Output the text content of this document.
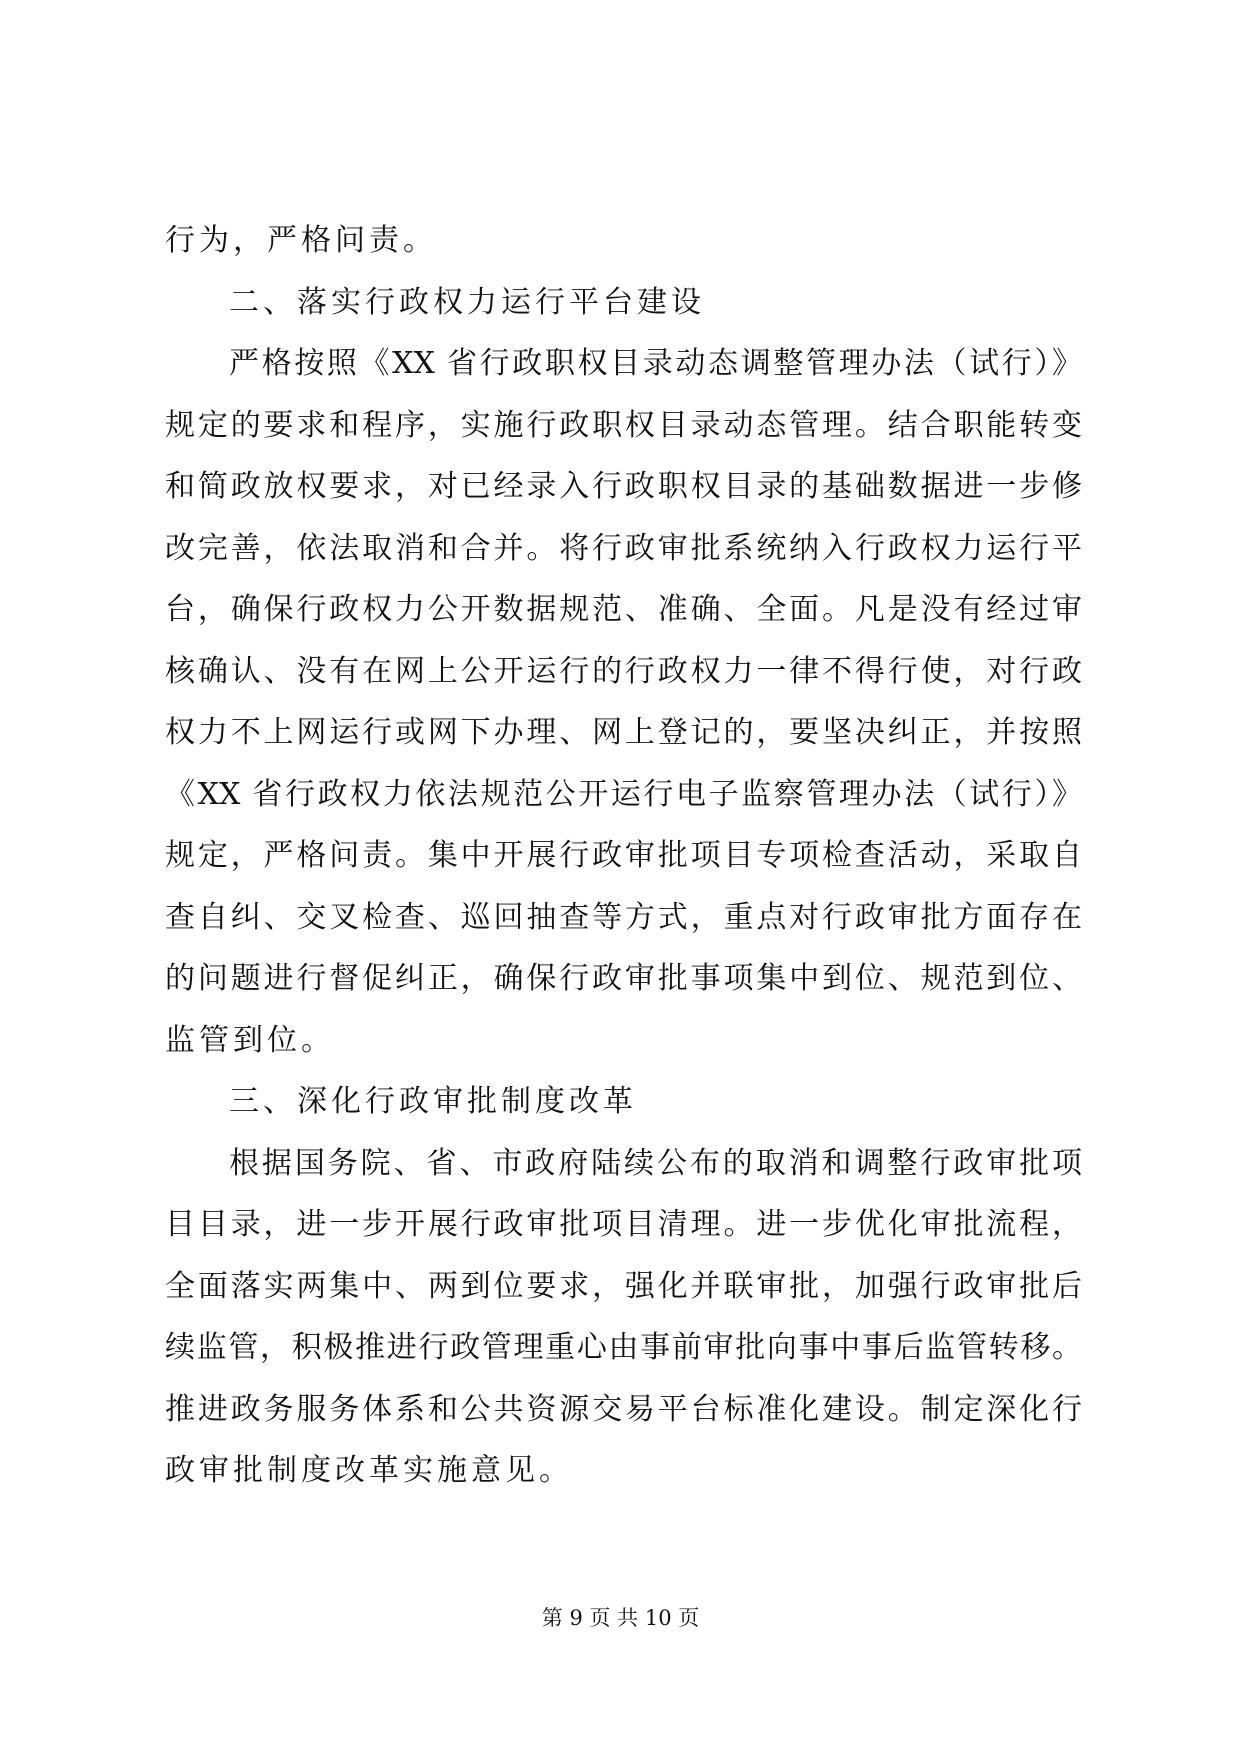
行为，严格问责。
二、落实行政权力运行平台建设
严格按照《XX 省行政职权目录动态调整管理办法（试行）》
规定的要求和程序，实施行政职权目录动态管理。结合职能转变
和简政放权要求，对已经录入行政职权目录的基础数据进一步修
改完善，依法取消和合并。将行政审批系统纳入行政权力运行平
台，确保行政权力公开数据规范、准确、全面。凡是没有经过审
核确认、没有在网上公开运行的行政权力一律不得行使，对行政
权力不上网运行或网下办理、网上登记的，要坚决纠正，并按照
《XX 省行政权力依法规范公开运行电子监察管理办法（试行）》
规定，严格问责。集中开展行政审批项目专项检查活动，采取自
查自纠、交叉检查、巡回抽查等方式，重点对行政审批方面存在
的问题进行督促纠正，确保行政审批事项集中到位、规范到位、
监管到位。
三、深化行政审批制度改革
根据国务院、省、市政府陆续公布的取消和调整行政审批项
目目录，进一步开展行政审批项目清理。进一步优化审批流程，
全面落实两集中、两到位要求，强化并联审批，加强行政审批后
续监管，积极推进行政管理重心由事前审批向事中事后监管转移。
推进政务服务体系和公共资源交易平台标准化建设。制定深化行
政审批制度改革实施意见。
第 9 页 共 10 页
